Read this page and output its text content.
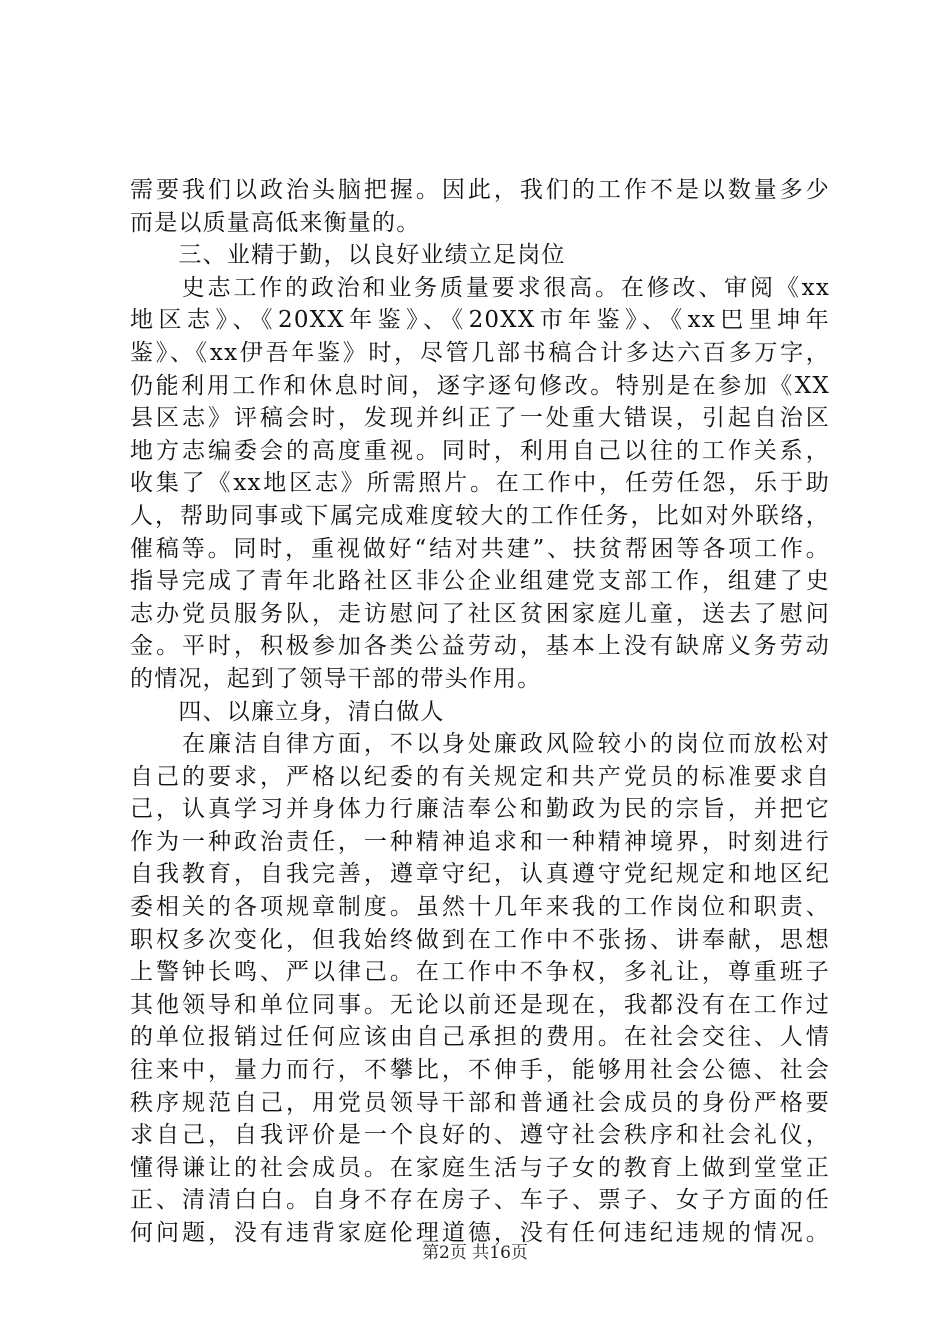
需要我们以政治头脑把握。因此，我们的工作不是以数量多少
而是以质量高低来衡量的。
　　三、业精于勤，以良好业绩立足岗位
　　史志工作的政治和业务质量要求很高。在修改、审阅《xx
地区志》、《20XX年鉴》、《20XX市年鉴》、《xx巴里坤年
鉴》、《xx伊吾年鉴》时，尽管几部书稿合计多达六百多万字，
仍能利用工作和休息时间，逐字逐句修改。特别是在参加《XX
县区志》评稿会时，发现并纠正了一处重大错误，引起自治区
地方志编委会的高度重视。同时，利用自己以往的工作关系，
收集了《xx地区志》所需照片。在工作中，任劳任怨，乐于助
人，帮助同事或下属完成难度较大的工作任务，比如对外联络，
催稿等。同时，重视做好“结对共建”、扶贫帮困等各项工作。
指导完成了青年北路社区非公企业组建党支部工作，组建了史
志办党员服务队，走访慰问了社区贫困家庭儿童，送去了慰问
金。平时，积极参加各类公益劳动，基本上没有缺席义务劳动
的情况，起到了领导干部的带头作用。
　　四、以廉立身，清白做人
　　在廉洁自律方面，不以身处廉政风险较小的岗位而放松对
自己的要求，严格以纪委的有关规定和共产党员的标准要求自
己，认真学习并身体力行廉洁奉公和勤政为民的宗旨，并把它
作为一种政治责任，一种精神追求和一种精神境界，时刻进行
自我教育，自我完善，遵章守纪，认真遵守党纪规定和地区纪
委相关的各项规章制度。虽然十几年来我的工作岗位和职责、
职权多次变化，但我始终做到在工作中不张扬、讲奉献，思想
上警钟长鸣、严以律己。在工作中不争权，多礼让，尊重班子
其他领导和单位同事。无论以前还是现在，我都没有在工作过
的单位报销过任何应该由自己承担的费用。在社会交往、人情
往来中，量力而行，不攀比，不伸手，能够用社会公德、社会
秩序规范自己，用党员领导干部和普通社会成员的身份严格要
求自己，自我评价是一个良好的、遵守社会秩序和社会礼仪，
懂得谦让的社会成员。在家庭生活与子女的教育上做到堂堂正
正、清清白白。自身不存在房子、车子、票子、女子方面的任
何问题，没有违背家庭伦理道德，没有任何违纪违规的情况。
第2页 共16页
